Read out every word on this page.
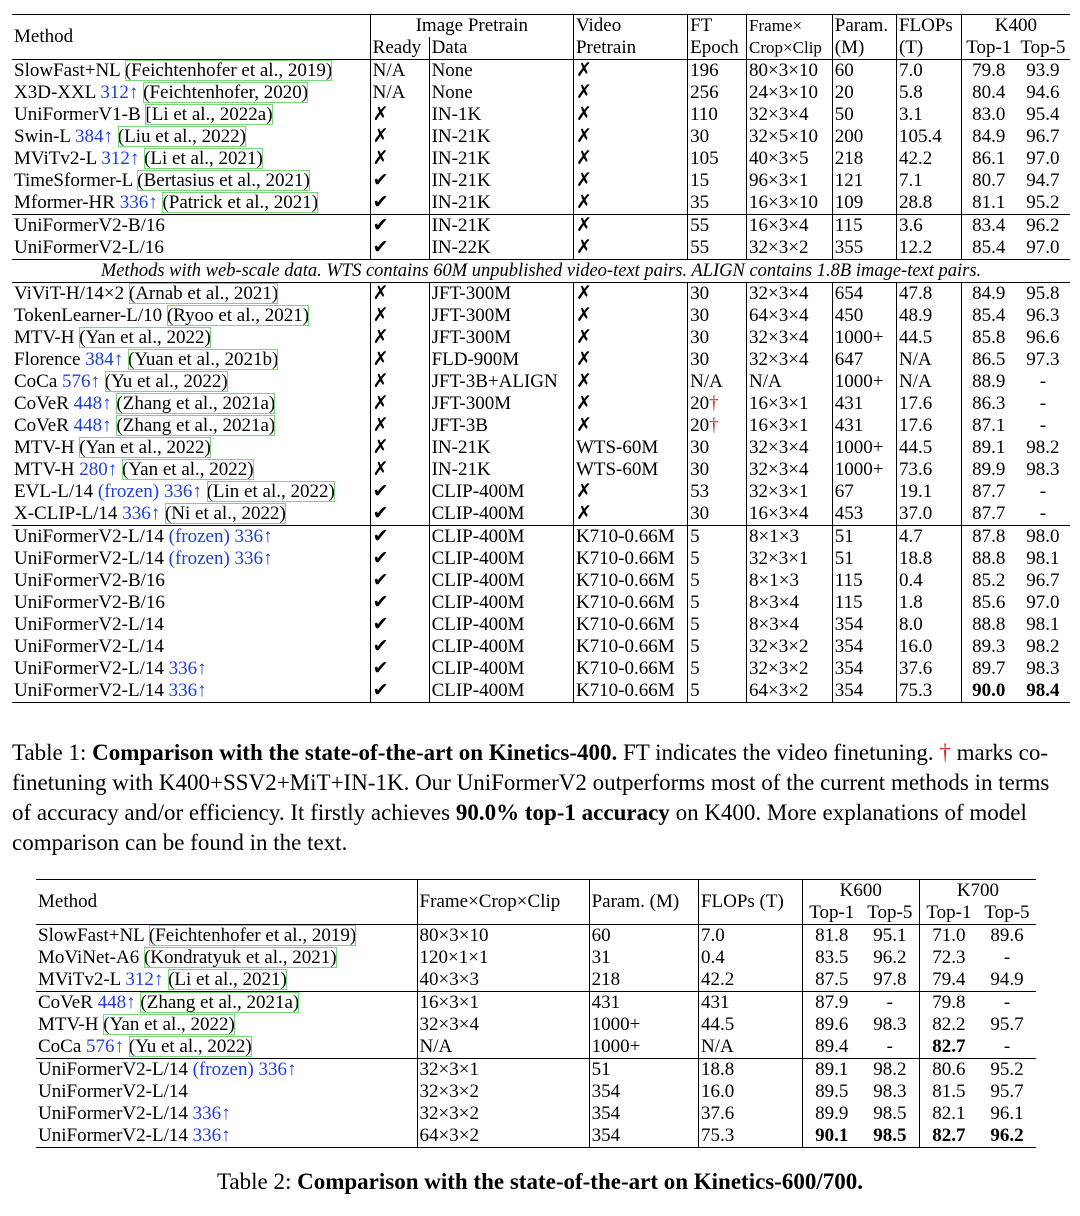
Method	Image Pretrain		Video	FT	Frame×	Param.	FLOPs	K400	
	Ready	Data	Pretrain	Epoch	Crop×Clip	(M)	(T)	Top-1	Top-5
SlowFast+NL (Feichtenhofer et al., 2019)	N/A	None	✗	196	80×3×10	60	7.0	79.8	93.9
X3D-XXL 312↑ (Feichtenhofer, 2020)	N/A	None	✗	256	24×3×10	20	5.8	80.4	94.6
UniFormerV1-B [Li et al., 2022a)	✗	IN-1K	✗	110	32×3×4	50	3.1	83.0	95.4
Swin-L 384↑ (Liu et al., 2022)	✗	IN-21K	✗	30	32×5×10	200	105.4	84.9	96.7
MViTv2-L 312↑ (Li et al., 2021)	✗	IN-21K	✗	105	40×3×5	218	42.2	86.1	97.0
TimeSformer-L (Bertasius et al., 2021)	✔	IN-21K	✗	15	96×3×1	121	7.1	80.7	94.7
Mformer-HR 336↑ (Patrick et al., 2021)	✔	IN-21K	✗	35	16×3×10	109	28.8	81.1	95.2
UniFormerV2-B/16	✔	IN-21K	✗	55	16×3×4	115	3.6	83.4	96.2
UniFormerV2-L/16	✔	IN-22K	✗	55	32×3×2	355	12.2	85.4	97.0
Methods with web-scale data. WTS contains 60M unpublished video-text pairs. ALIGN contains 1.8B image-text pairs.									
ViViT-H/14×2 (Arnab et al., 2021)	✗	JFT-300M	✗	30	32×3×4	654	47.8	84.9	95.8
TokenLearner-L/10 (Ryoo et al., 2021)	✗	JFT-300M	✗	30	64×3×4	450	48.9	85.4	96.3
MTV-H (Yan et al., 2022)	✗	JFT-300M	✗	30	32×3×4	1000+	44.5	85.8	96.6
Florence 384↑ (Yuan et al., 2021b)	✗	FLD-900M	✗	30	32×3×4	647	N/A	86.5	97.3
CoCa 576↑ (Yu et al., 2022)	✗	JFT-3B+ALIGN	✗	N/A	N/A	1000+	N/A	88.9	-
CoVeR 448↑ (Zhang et al., 2021a)	✗	JFT-300M	✗	20†	16×3×1	431	17.6	86.3	-
CoVeR 448↑ (Zhang et al., 2021a)	✗	JFT-3B	✗	20†	16×3×1	431	17.6	87.1	-
MTV-H (Yan et al., 2022)	✗	IN-21K	WTS-60M	30	32×3×4	1000+	44.5	89.1	98.2
MTV-H 280↑ (Yan et al., 2022)	✗	IN-21K	WTS-60M	30	32×3×4	1000+	73.6	89.9	98.3
EVL-L/14 (frozen) 336↑ (Lin et al., 2022)	✔	CLIP-400M	✗	53	32×3×1	67	19.1	87.7	-
X-CLIP-L/14 336↑ (Ni et al., 2022)	✔	CLIP-400M	✗	30	16×3×4	453	37.0	87.7	-
UniFormerV2-L/14 (frozen) 336↑	✔	CLIP-400M	K710-0.66M	5	8×1×3	51	4.7	87.8	98.0
UniFormerV2-L/14 (frozen) 336↑	✔	CLIP-400M	K710-0.66M	5	32×3×1	51	18.8	88.8	98.1
UniFormerV2-B/16	✔	CLIP-400M	K710-0.66M	5	8×1×3	115	0.4	85.2	96.7
UniFormerV2-B/16	✔	CLIP-400M	K710-0.66M	5	8×3×4	115	1.8	85.6	97.0
UniFormerV2-L/14	✔	CLIP-400M	K710-0.66M	5	8×3×4	354	8.0	88.8	98.1
UniFormerV2-L/14	✔	CLIP-400M	K710-0.66M	5	32×3×2	354	16.0	89.3	98.2
UniFormerV2-L/14 336↑	✔	CLIP-400M	K710-0.66M	5	32×3×2	354	37.6	89.7	98.3
UniFormerV2-L/14 336↑	✔	CLIP-400M	K710-0.66M	5	64×3×2	354	75.3	90.0	98.4
Table 1: Comparison with the state-of-the-art on Kinetics-400. FT indicates the video finetuning. † marks co-finetuning with K400+SSV2+MiT+IN-1K. Our UniFormerV2 outperforms most of the current methods in terms of accuracy and/or efficiency. It firstly achieves 90.0% top-1 accuracy on K400. More explanations of model comparison can be found in the text.
Method	Frame×Crop×Clip	Param. (M)	FLOPs (T)	K600		K700	
				Top-1	Top-5	Top-1	Top-5
SlowFast+NL (Feichtenhofer et al., 2019)	80×3×10	60	7.0	81.8	95.1	71.0	89.6
MoViNet-A6 (Kondratyuk et al., 2021)	120×1×1	31	0.4	83.5	96.2	72.3	-
MViTv2-L 312↑ (Li et al., 2021)	40×3×3	218	42.2	87.5	97.8	79.4	94.9
CoVeR 448↑ (Zhang et al., 2021a)	16×3×1	431	431	87.9	-	79.8	-
MTV-H (Yan et al., 2022)	32×3×4	1000+	44.5	89.6	98.3	82.2	95.7
CoCa 576↑ (Yu et al., 2022)	N/A	1000+	N/A	89.4	-	82.7	-
UniFormerV2-L/14 (frozen) 336↑	32×3×1	51	18.8	89.1	98.2	80.6	95.2
UniFormerV2-L/14	32×3×2	354	16.0	89.5	98.3	81.5	95.7
UniFormerV2-L/14 336↑	32×3×2	354	37.6	89.9	98.5	82.1	96.1
UniFormerV2-L/14 336↑	64×3×2	354	75.3	90.1	98.5	82.7	96.2
Table 2: Comparison with the state-of-the-art on Kinetics-600/700.
